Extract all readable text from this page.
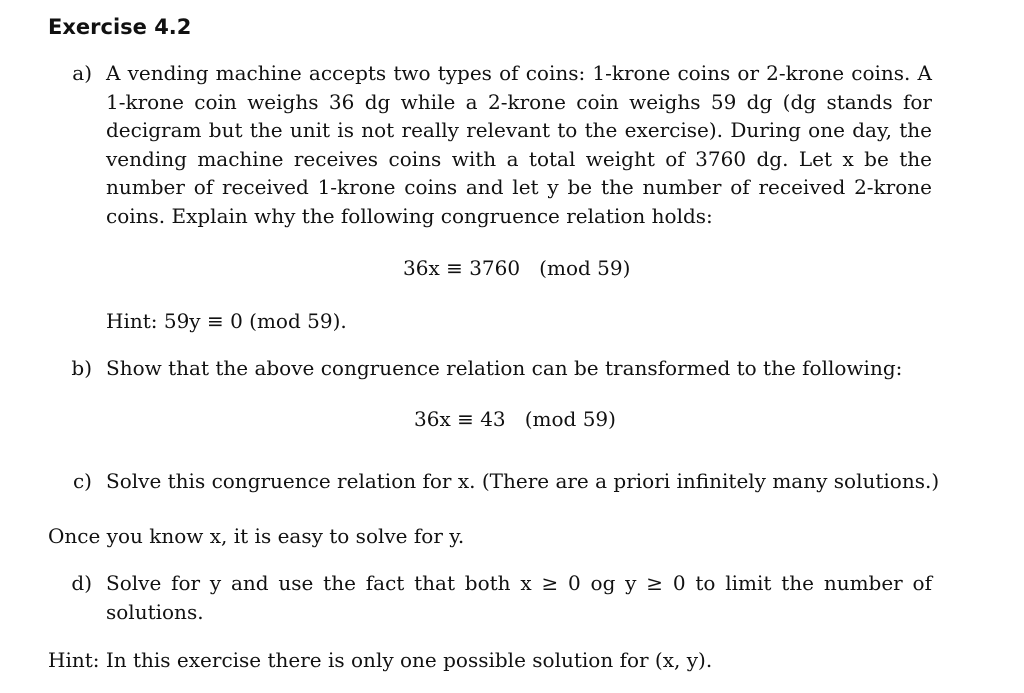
Exercise 4.2
a) A vending machine accepts two types of coins: 1-krone coins or 2-krone coins. A 1-krone coin weighs 36 dg while a 2-krone coin weighs 59 dg (dg stands for decigram but the unit is not really relevant to the exercise). During one day, the vending machine receives coins with a total weight of 3760 dg. Let x be the number of received 1-krone coins and let y be the number of received 2-krone coins. Explain why the following congruence relation holds:

36x ≡ 3760   (mod 59)
Hint: 59y ≡ 0 (mod 59).
b) Show that the above congruence relation can be transformed to the following:

36x ≡ 43   (mod 59)
c) Solve this congruence relation for x. (There are a priori infinitely many solutions.)

Once you know x, it is easy to solve for y.

d) Solve for y and use the fact that both x ≥ 0 og y ≥ 0 to limit the number of solutions.

Hint: In this exercise there is only one possible solution for (x, y).
